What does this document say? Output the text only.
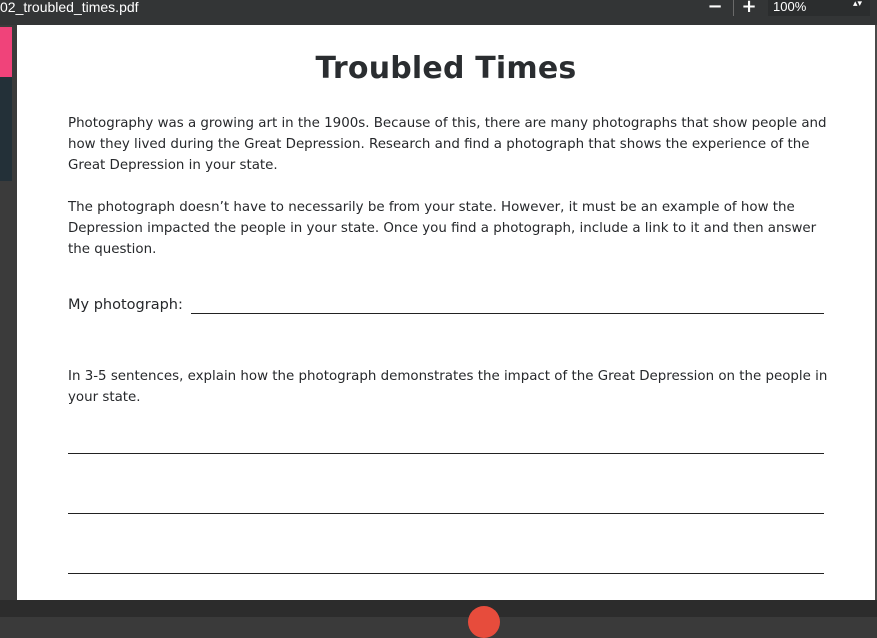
02_troubled_times.pdf	− +	100%	▴▾
Troubled Times
Photography was a growing art in the 1900s. Because of this, there are many photographs that show people and how they lived during the Great Depression. Research and find a photograph that shows the experience of the Great Depression in your state.
The photograph doesn’t have to necessarily be from your state. However, it must be an example of how the Depression impacted the people in your state. Once you find a photograph, include a link to it and then answer the question.
My photograph:
In 3-5 sentences, explain how the photograph demonstrates the impact of the Great Depression on the people in your state.
